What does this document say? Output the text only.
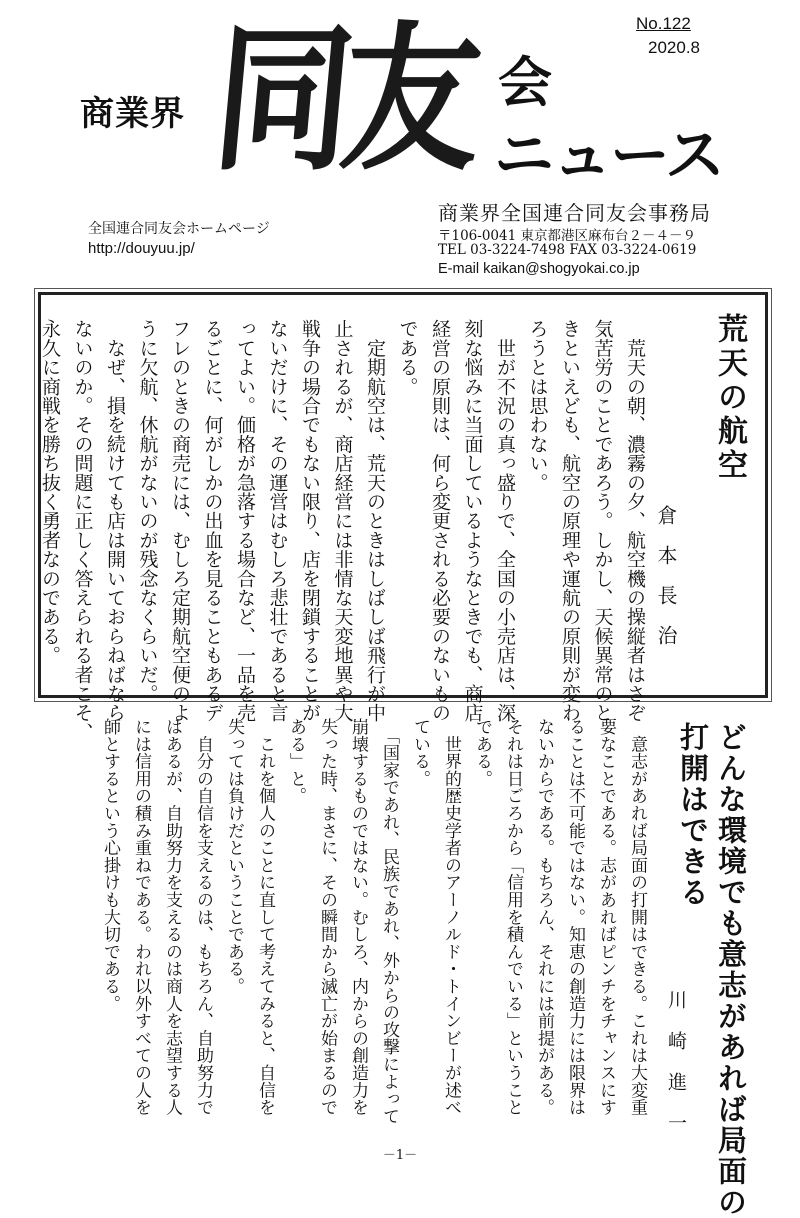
No.122
2020.8
商業界 同友 会
ニュース
全国連合同友会ホームページ
http://douyuu.jp/
商業界全国連合同友会事務局
〒106-0041 東京都港区麻布台２－４－９
TEL 03-3224-7498 FAX 03-3224-0619
E-mail kaikan@shogyokai.co.jp
荒天の航空
倉本長治
　荒天の朝、濃霧の夕、航空機の操縦者はさぞ
気苦労のことであろう。しかし、天候異常のと
きといえども、航空の原理や運航の原則が変わ
ろうとは思わない。
　世が不況の真っ盛りで、全国の小売店は、深
刻な悩みに当面しているようなときでも、商店
経営の原則は、何ら変更される必要のないもの
である。
　定期航空は、荒天のときはしばしば飛行が中
止されるが、商店経営には非情な天変地異や大
戦争の場合でもない限り、店を閉鎖することが
ないだけに、その運営はむしろ悲壮であると言
ってよい。価格が急落する場合など、一品を売
るごとに、何がしかの出血を見ることもあるデ
フレのときの商売には、むしろ定期航空便のよ
うに欠航、休航がないのが残念なくらいだ。
　なぜ、損を続けても店は開いておらねばなら
ないのか。その問題に正しく答えられる者こそ、
永久に商戦を勝ち抜く勇者なのである。
どんな環境でも意志があれば局面の
打開はできる
川崎進一
　意志があれば局面の打開はできる。これは大変重
要なことである。志があればピンチをチャンスにす
ることは不可能ではない。知恵の創造力には限界は
ないからである。もちろん、それには前提がある。
それは日ごろから「信用を積んでいる」ということ
である。
　世界的歴史学者のアーノルド・トインビーが述べ
ている。
　「国家であれ、民族であれ、外からの攻撃によって
崩壊するものではない。むしろ、内からの創造力を
失った時、まさに、その瞬間から滅亡が始まるので
ある」と。
　これを個人のことに直して考えてみると、自信を
失っては負けだということである。
　自分の自信を支えるのは、もちろん、自助努力で
はあるが、自助努力を支えるのは商人を志望する人
には信用の積み重ねである。われ以外すべての人を
師とするという心掛けも大切である。
－1－
